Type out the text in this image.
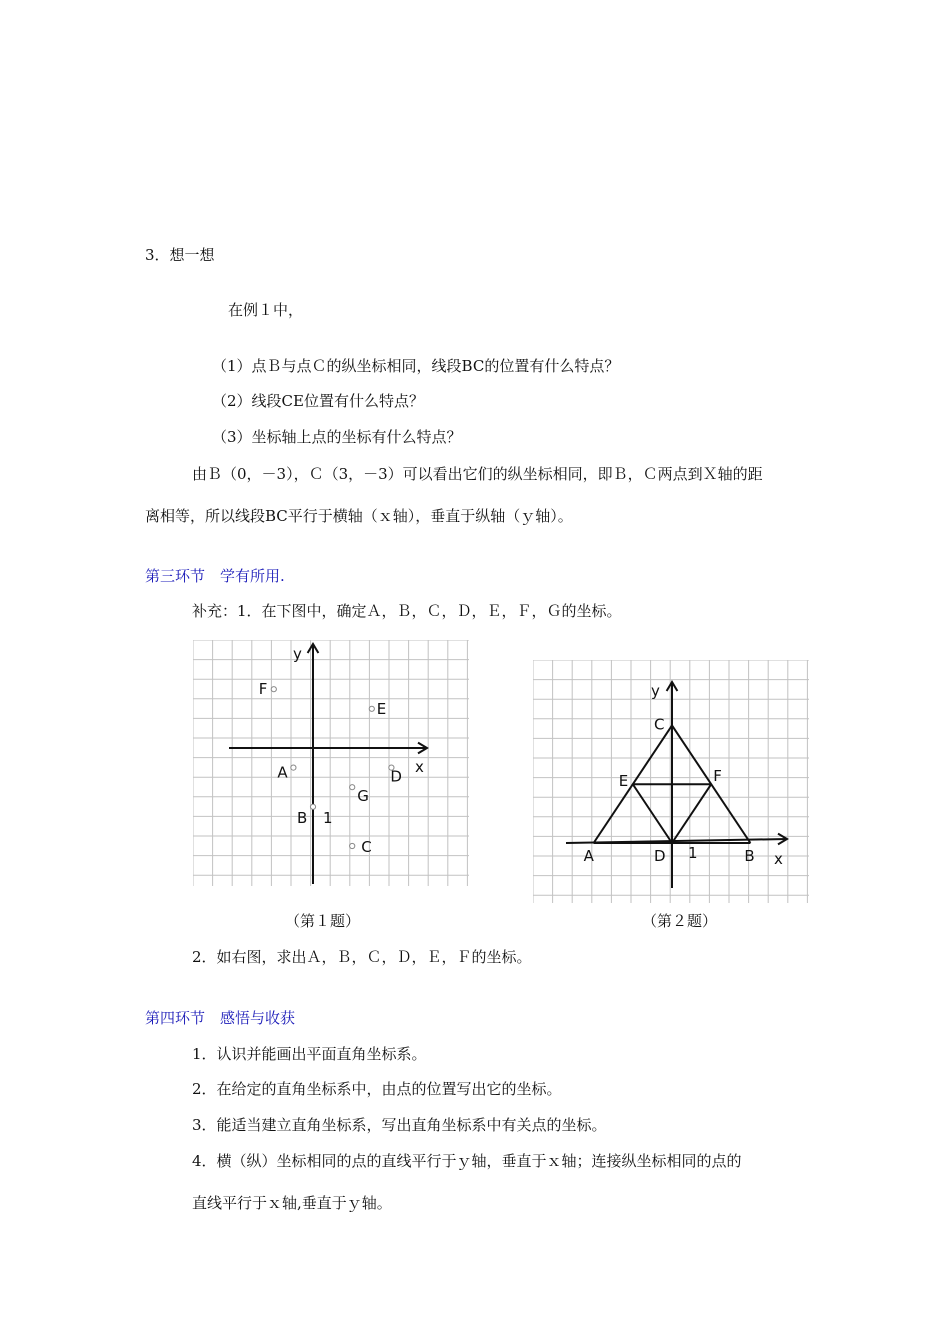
3．想一想
在例１中，
（1）点Ｂ与点Ｃ的纵坐标相同，线段BC的位置有什么特点？
（2）线段CE位置有什么特点？
（3）坐标轴上点的坐标有什么特点？
由Ｂ（0，－3），Ｃ（3，－3）可以看出它们的纵坐标相同，即Ｂ，Ｃ两点到Ｘ轴的距
离相等，所以线段BC平行于横轴（ｘ轴），垂直于纵轴（ｙ轴）。
第三环节　学有所用.
补充：1．在下图中，确定Ａ，Ｂ，Ｃ，Ｄ，Ｅ，Ｆ，Ｇ的坐标。
y
x
1
F
E
A	D
G
B
C
y
x
1
A	B
C
D
E	F
（第１题）	（第２题）
2．如右图，求出Ａ，Ｂ，Ｃ，Ｄ，Ｅ，Ｆ的坐标。
第四环节　感悟与收获
1．认识并能画出平面直角坐标系。
2．在给定的直角坐标系中，由点的位置写出它的坐标。
3．能适当建立直角坐标系，写出直角坐标系中有关点的坐标。
4．横（纵）坐标相同的点的直线平行于ｙ轴，垂直于ｘ轴；连接纵坐标相同的点的
直线平行于ｘ轴,垂直于ｙ轴。
